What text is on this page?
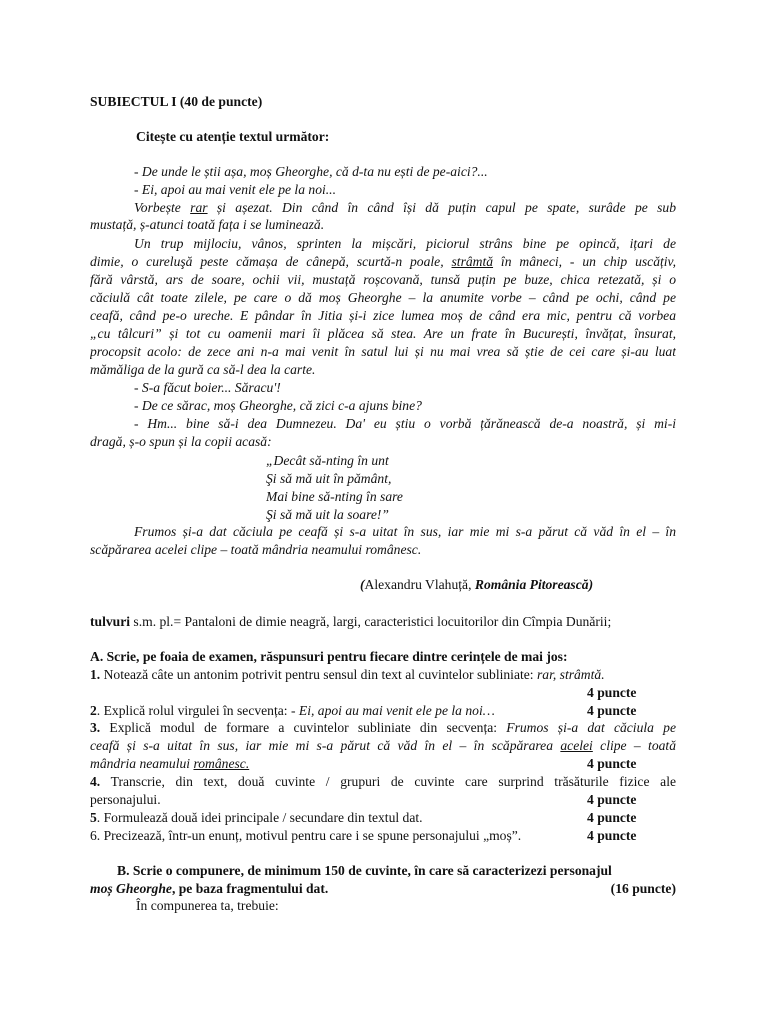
SUBIECTUL I (40 de puncte)
Citește cu atenție textul următor:
- De unde le știi așa, moș Gheorghe, că d-ta nu ești de pe-aici?...
- Ei, apoi au mai venit ele pe la noi...
Vorbește rar și așezat. Din când în când își dă puțin capul pe spate, surâde pe sub
mustață, ș-atunci toată fața i se luminează.
Un trup mijlociu, vânos, sprinten la mișcări, piciorul strâns bine pe opincă, ițari de
dimie, o cureluşă peste cămașa de cânepă, scurtă-n poale, strâmtă în mâneci, - un chip uscățiv,
fără vârstă, ars de soare, ochii vii, mustață roșcovană, tunsă puțin pe buze, chica retezată, și o
căciulă cât toate zilele, pe care o dă moș Gheorghe – la anumite vorbe – când pe ochi, când pe
ceafă, când pe-o ureche. E pândar în Jitia și-i zice lumea moș de când era mic, pentru că vorbea
„cu tâlcuri” și tot cu oamenii mari îi plăcea să stea. Are un frate în București, învățat, însurat,
procopsit acolo: de zece ani n-a mai venit în satul lui și nu mai vrea să știe de cei care și-au luat
mămăliga de la gură ca să-l dea la carte.
- S-a făcut boier... Săracu'!
- De ce sărac, moș Gheorghe, că zici c-a ajuns bine?
- Hm... bine să-i dea Dumnezeu. Da' eu știu o vorbă țărănească de-a noastră, și mi-i
dragă, ș-o spun și la copii acasă:
„Decât să-nting în unt
Şi să mă uit în pământ,
Mai bine să-nting în sare
Şi să mă uit la soare!”
Frumos și-a dat căciula pe ceafă și s-a uitat în sus, iar mie mi s-a părut că văd în el – în
scăpărarea acelei clipe – toată mândria neamului românesc.
(Alexandru Vlahuță, România Pitorească)
tulvuri s.m. pl.= Pantaloni de dimie neagră, largi, caracteristici locuitorilor din Cîmpia Dunării;
A. Scrie, pe foaia de examen, răspunsuri pentru fiecare dintre cerințele de mai jos:
1. Notează câte un antonim potrivit pentru sensul din text al cuvintelor subliniate: rar, strâmtă.
4 puncte
2. Explică rolul virgulei în secvența: - Ei, apoi au mai venit ele pe la noi…	4 puncte
3. Explică modul de formare a cuvintelor subliniate din secvența: Frumos și-a dat căciula pe
ceafă și s-a uitat în sus, iar mie mi s-a părut că văd în el – în scăpărarea acelei clipe – toată
mândria neamului românesc.	4 puncte
4. Transcrie, din text, două cuvinte / grupuri de cuvinte care surprind trăsăturile fizice ale
personajului.	4 puncte
5. Formulează două idei principale / secundare din textul dat.	4 puncte
6. Precizează, într-un enunț, motivul pentru care i se spune personajului „moș”.	4 puncte
B. Scrie o compunere, de minimum 150 de cuvinte, în care să caracterizezi personajul
moș Gheorghe, pe baza fragmentului dat.	(16 puncte)
În compunerea ta, trebuie:
